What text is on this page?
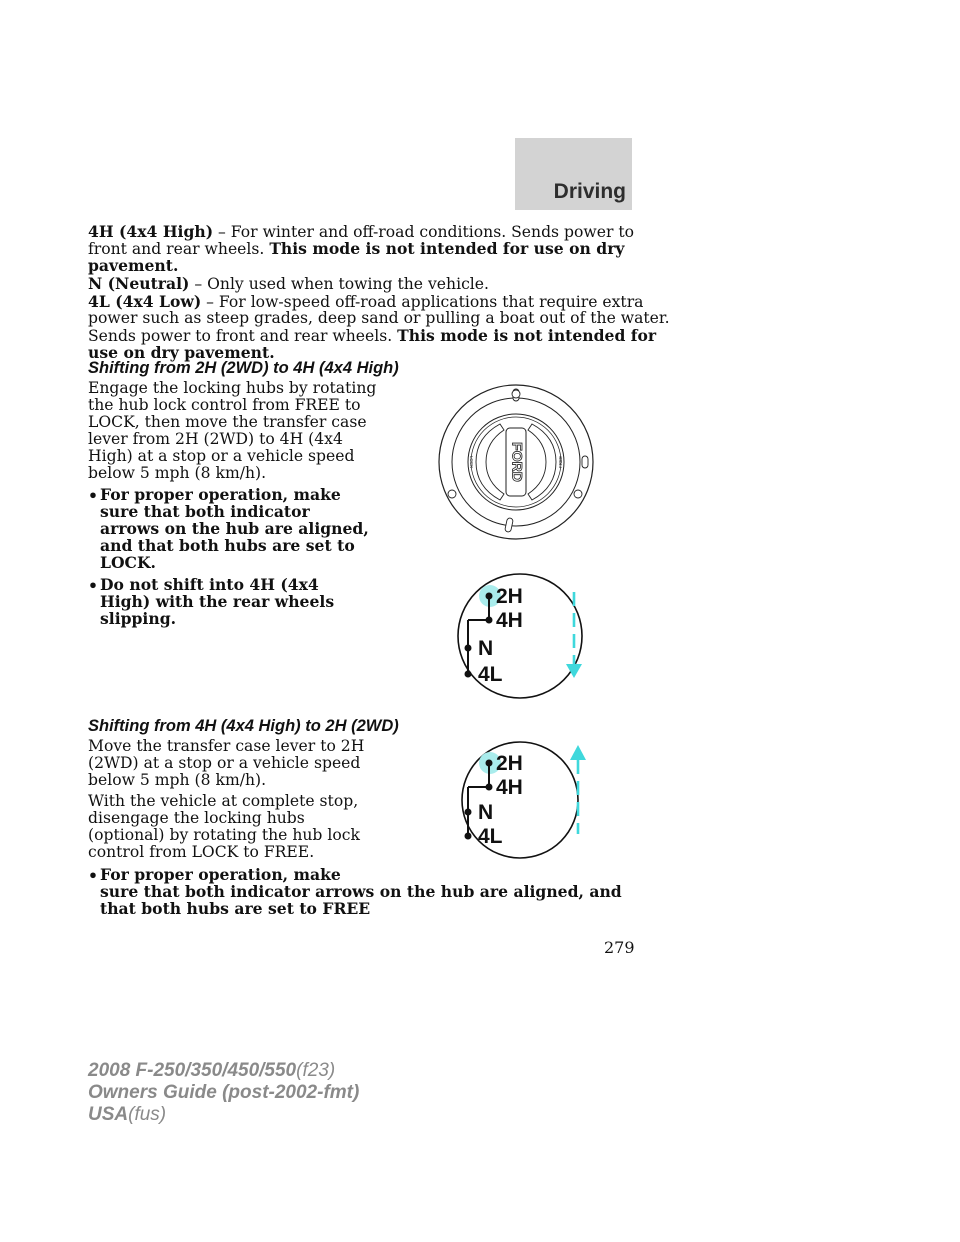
Driving
4H (4x4 High) – For winter and off-road conditions. Sends power to
front and rear wheels. This mode is not intended for use on dry
pavement.
N (Neutral) – Only used when towing the vehicle.
4L (4x4 Low) – For low-speed off-road applications that require extra
power such as steep grades, deep sand or pulling a boat out of the water.
Sends power to front and rear wheels. This mode is not intended for
use on dry pavement.
Shifting from 2H (2WD) to 4H (4x4 High)
Engage the locking hubs by rotating
the hub lock control from FREE to
LOCK, then move the transfer case
lever from 2H (2WD) to 4H (4x4
High) at a stop or a vehicle speed
below 5 mph (8 km/h).
• For proper operation, make
sure that both indicator
arrows on the hub are aligned,
and that both hubs are set to
LOCK.
• Do not shift into 4H (4x4
High) with the rear wheels
slipping.
FORD
LOCK	FREE
2H
4H
N
4L
Shifting from 4H (4x4 High) to 2H (2WD)
Move the transfer case lever to 2H
(2WD) at a stop or a vehicle speed
below 5 mph (8 km/h).
With the vehicle at complete stop,
disengage the locking hubs
(optional) by rotating the hub lock
control from LOCK to FREE.
• For proper operation, make
sure that both indicator arrows on the hub are aligned, and
that both hubs are set to FREE
2H
4H
N
4L
279
2008 F-250/350/450/550(f23)
Owners Guide (post-2002-fmt)
USA(fus)
